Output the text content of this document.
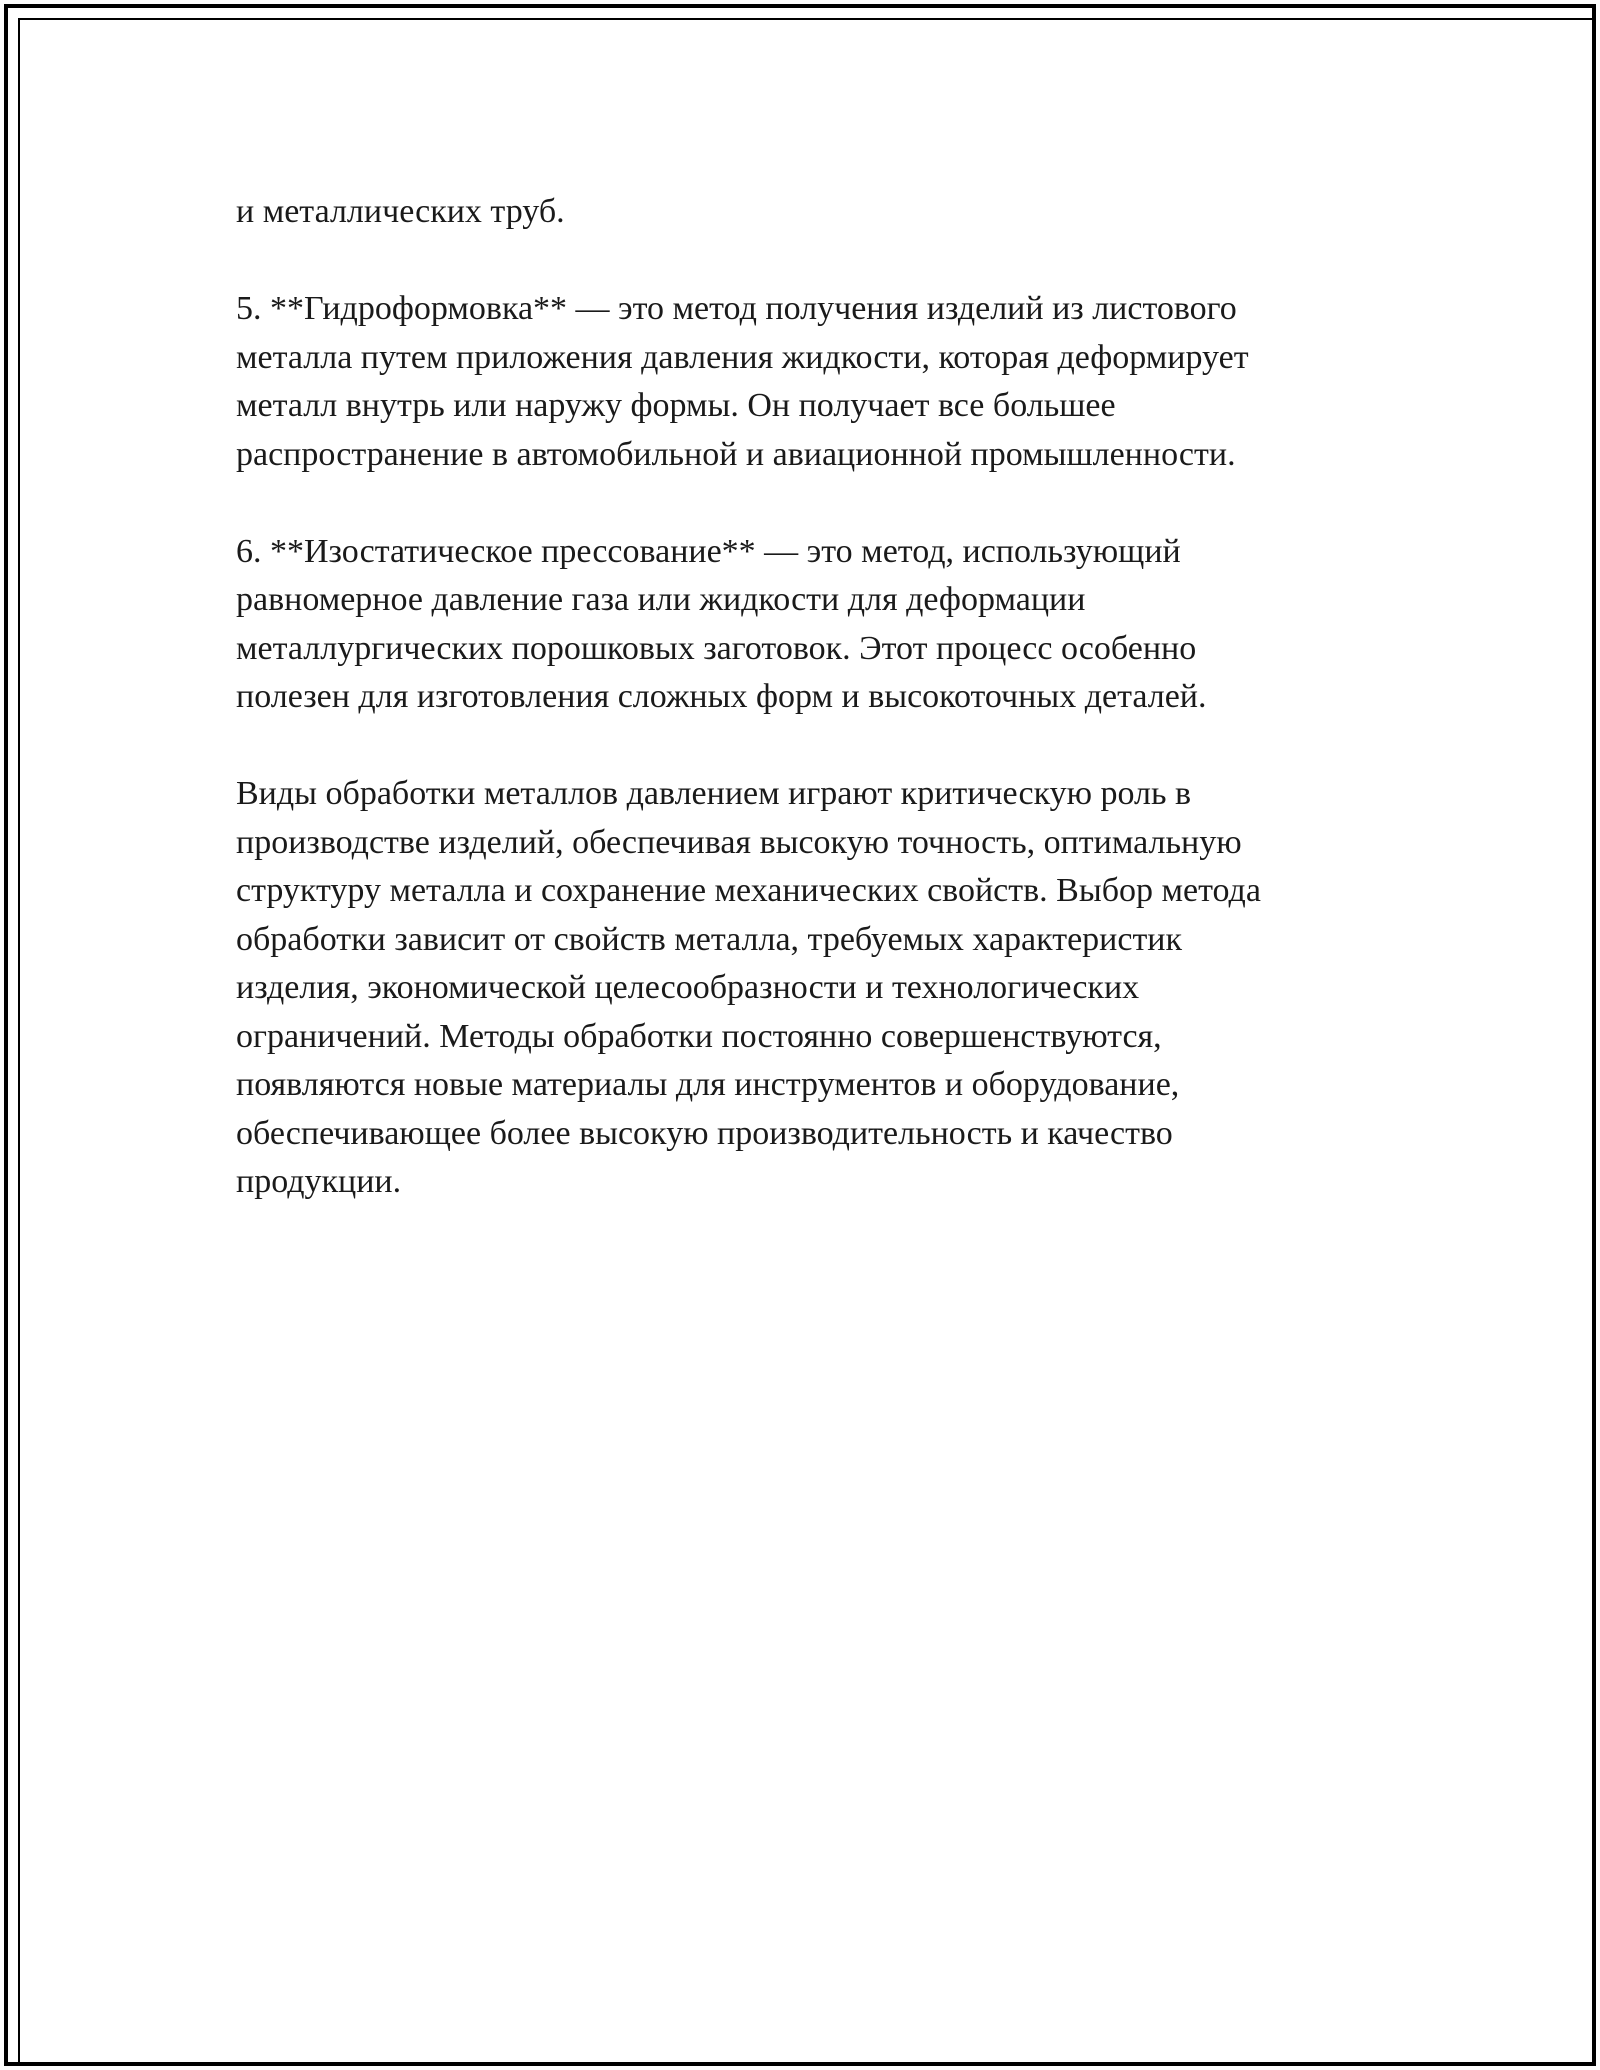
и металлических труб.

5. **Гидроформовка** — это метод получения изделий из листового
металла путем приложения давления жидкости, которая деформирует
металл внутрь или наружу формы. Он получает все большее
распространение в автомобильной и авиационной промышленности.

6. **Изостатическое прессование** — это метод, использующий
равномерное давление газа или жидкости для деформации
металлургических порошковых заготовок. Этот процесс особенно
полезен для изготовления сложных форм и высокоточных деталей.

Виды обработки металлов давлением играют критическую роль в
производстве изделий, обеспечивая высокую точность, оптимальную
структуру металла и сохранение механических свойств. Выбор метода
обработки зависит от свойств металла, требуемых характеристик
изделия, экономической целесообразности и технологических
ограничений. Методы обработки постоянно совершенствуются,
появляются новые материалы для инструментов и оборудование,
обеспечивающее более высокую производительность и качество
продукции.
